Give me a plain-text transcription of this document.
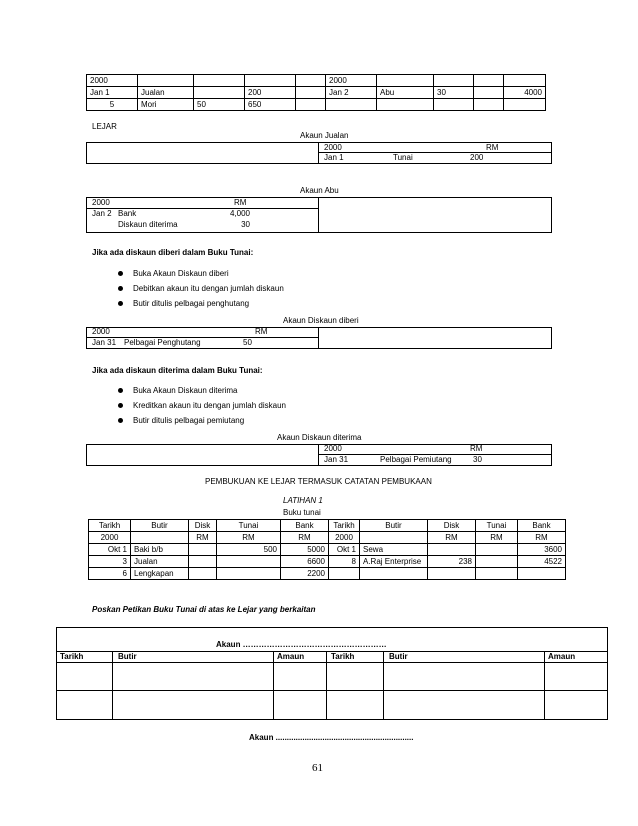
2000					2000				
Jan 1	Jualan		200		Jan 2	Abu	30		4000
5	Mori	50	650						
LEJAR
Akaun Jualan
2000	RM
Jan 1	Tunai	200
Akaun Abu
2000	RM
Jan 2 Bank	4,000
Diskaun diterima	30
Jika ada diskaun diberi dalam Buku Tunai:
Buka Akaun Diskaun diberi
Debitkan akaun itu dengan jumlah diskaun
Butir ditulis pelbagai penghutang
Akaun Diskaun diberi
2000	RM
Jan 31 Pelbagai Penghutang	50
Jika ada diskaun diterima dalam Buku Tunai:
Buka Akaun Diskaun diterima
Kreditkan akaun itu dengan jumlah diskaun
Butir ditulis pelbagai pemiutang
Akaun Diskaun diterima
2000	RM
Jan 31	Pelbagai Pemiutang	30
PEMBUKUAN KE LEJAR TERMASUK CATATAN PEMBUKAAN
LATIHAN 1
Buku tunai
Tarikh	Butir	Disk	Tunai	Bank	Tarikh	Butir	Disk	Tunai	Bank
2000		RM	RM	RM	2000		RM	RM	RM
Okt 1	Baki b/b		500	5000	Okt 1	Sewa			3600
3	Jualan			6600	8	A.Raj Enterprise	238		4522
6	Lengkapan			2200					
Poskan Petikan Buku Tunai di atas ke Lejar yang berkaitan
Akaun ………………………………………………
Tarikh	Butir	Amaun	Tarikh	Butir	Amaun
Akaun ..............................................................
61
